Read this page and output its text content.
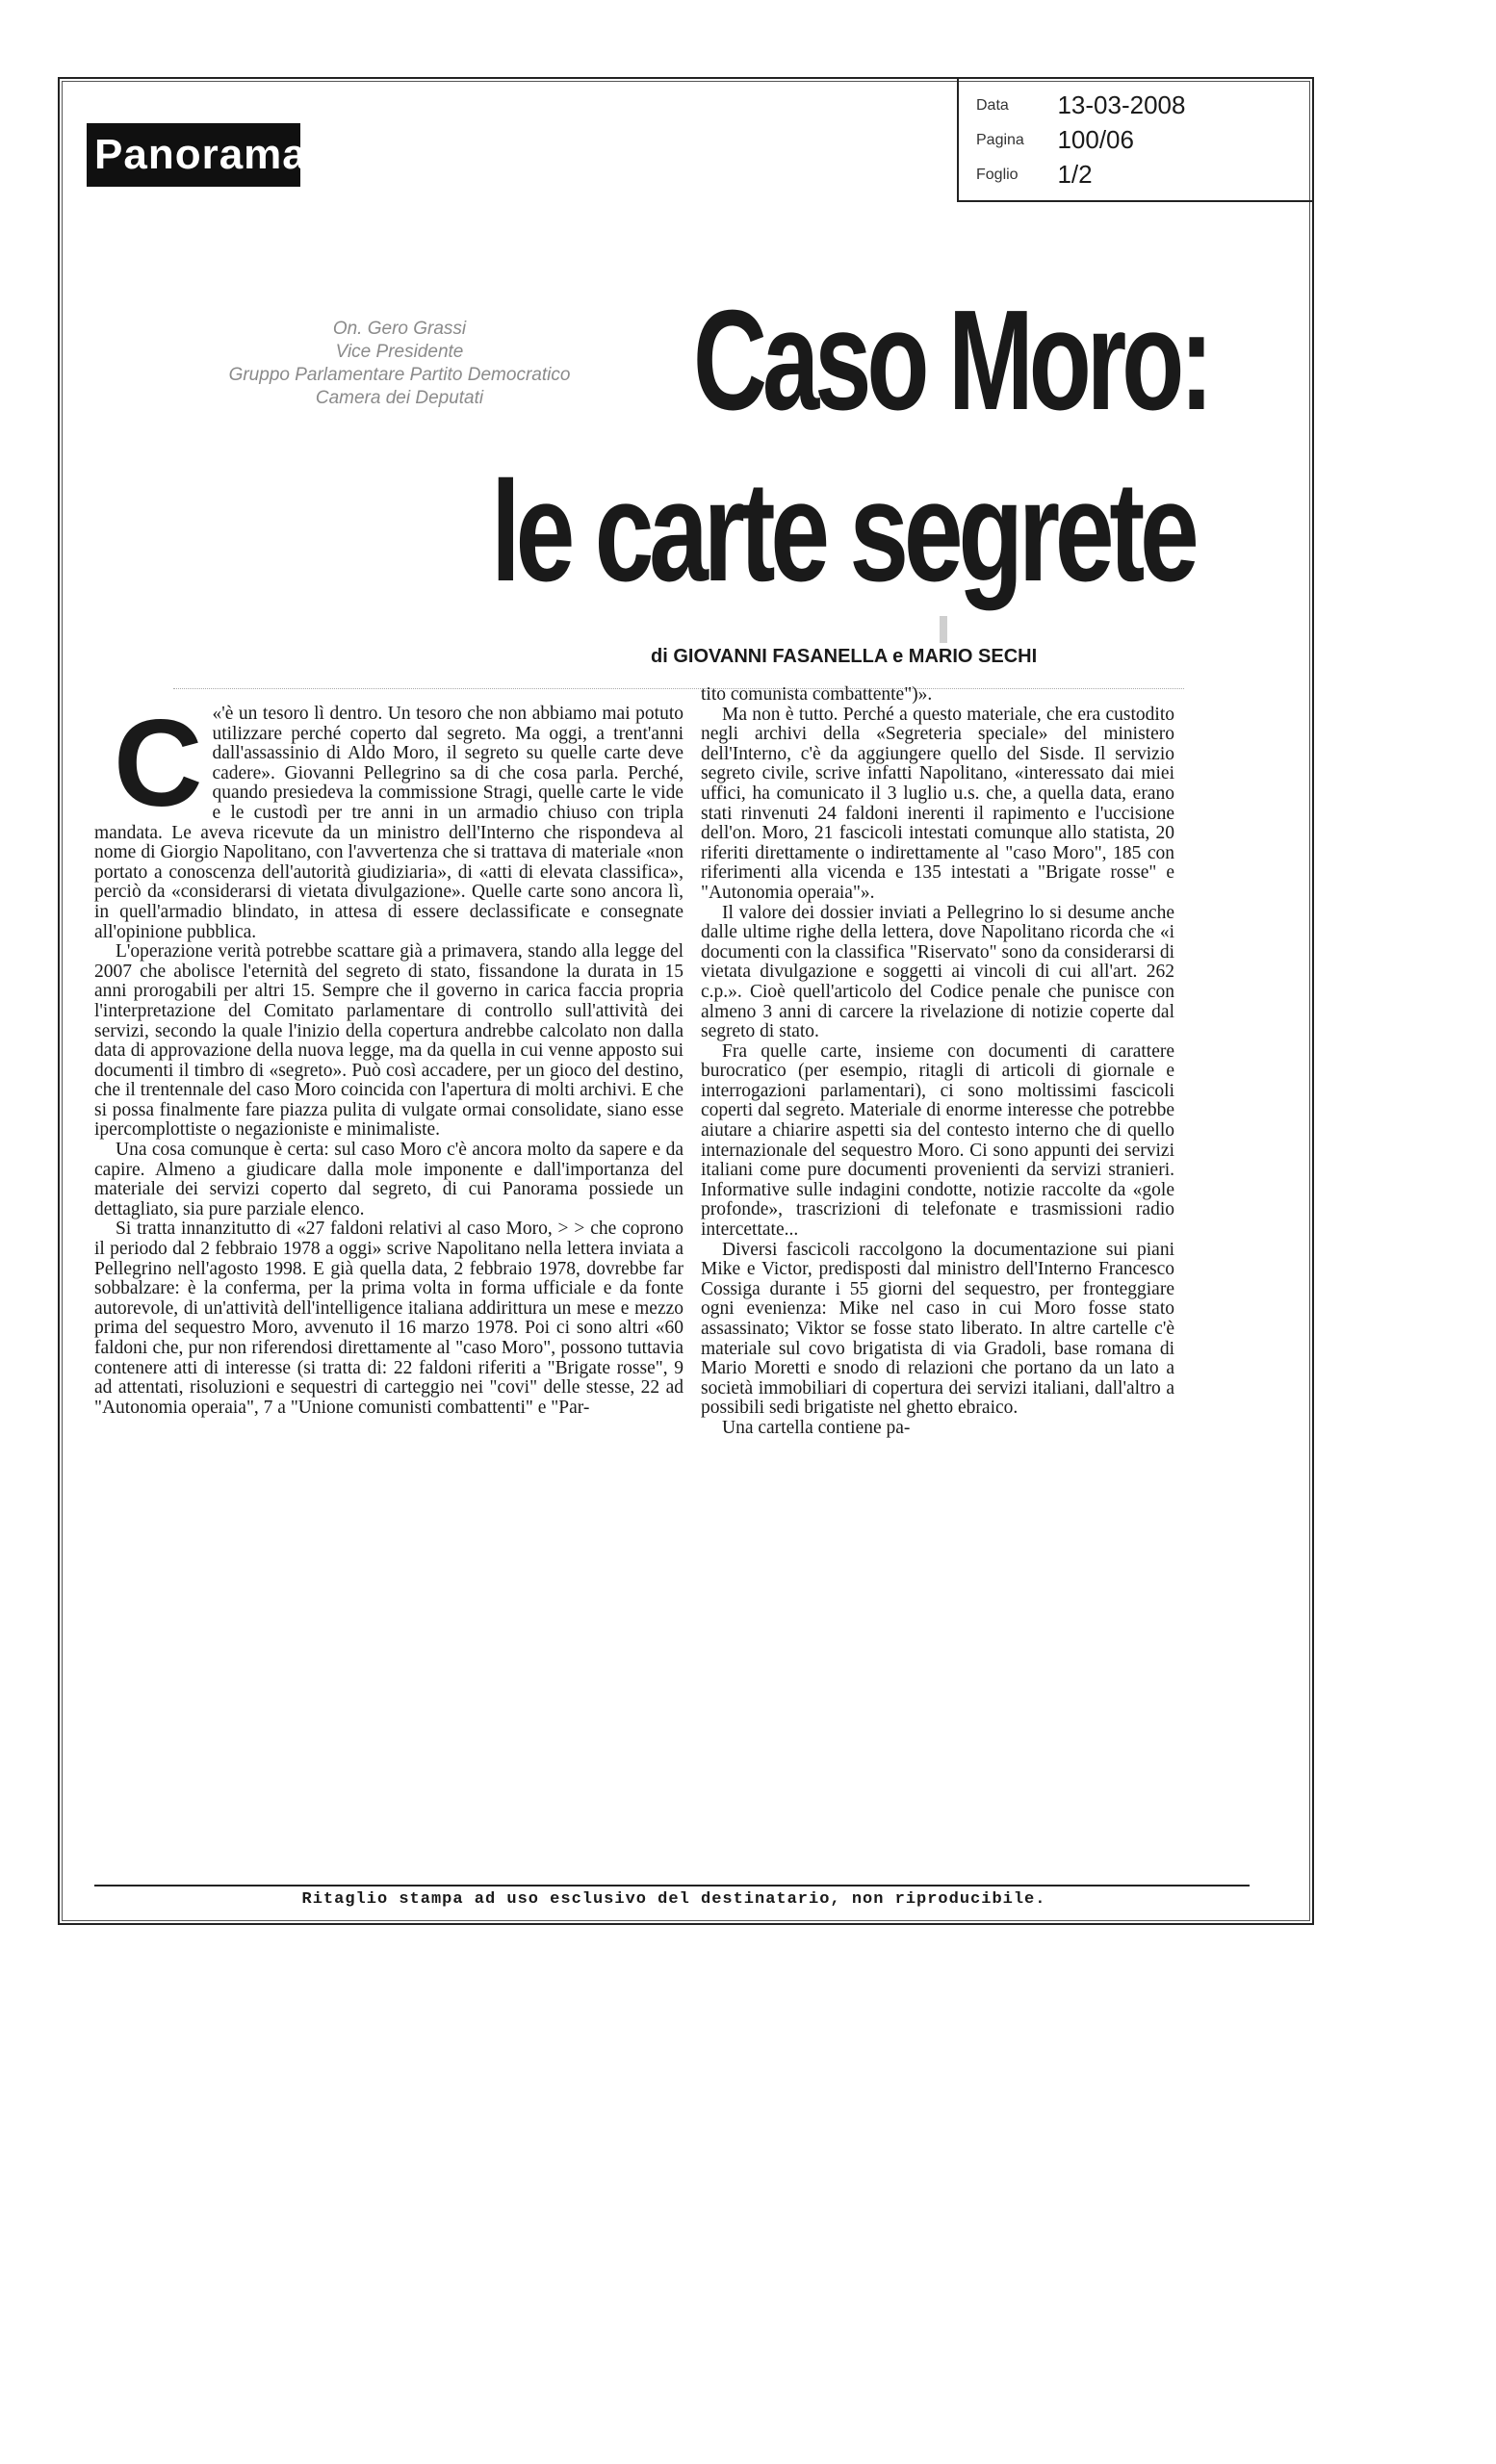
Panorama
Data 13-03-2008
Pagina 100/06
Foglio 1/2
On. Gero Grassi
Vice Presidente
Gruppo Parlamentare Partito Democratico
Camera dei Deputati	Caso Moro:
le carte segrete
di GIOVANNI FASANELLA e MARIO SECHI
C «'è un tesoro lì dentro. Un tesoro che non abbiamo mai potuto utilizzare perché coperto dal segreto. Ma oggi, a trent'anni dall'assassinio di Aldo Moro, il segreto su quelle carte deve cadere». Giovanni Pellegrino sa di che cosa parla. Perché, quando presiedeva la commissione Stragi, quelle carte le vide e le custodì per tre anni in un armadio chiuso con tripla mandata. Le aveva ricevute da un ministro dell'Interno che rispondeva al nome di Giorgio Napolitano, con l'avvertenza che si trattava di materiale «non portato a conoscenza dell'autorità giudiziaria», di «atti di elevata classifica», perciò da «considerarsi di vietata divulgazione». Quelle carte sono ancora lì, in quell'armadio blindato, in attesa di essere declassificate e consegnate all'opinione pubblica.

L'operazione verità potrebbe scattare già a primavera, stando alla legge del 2007 che abolisce l'eternità del segreto di stato, fissandone la durata in 15 anni prorogabili per altri 15. Sempre che il governo in carica faccia propria l'interpretazione del Comitato parlamentare di controllo sull'attività dei servizi, secondo la quale l'inizio della copertura andrebbe calcolato non dalla data di approvazione della nuova legge, ma da quella in cui venne apposto sui documenti il timbro di «segreto». Può così accadere, per un gioco del destino, che il trentennale del caso Moro coincida con l'apertura di molti archivi. E che si possa finalmente fare piazza pulita di vulgate ormai consolidate, siano esse ipercomplottiste o negazioniste e minimaliste.

Una cosa comunque è certa: sul caso Moro c'è ancora molto da sapere e da capire. Almeno a giudicare dalla mole imponente e dall'importanza del materiale dei servizi coperto dal segreto, di cui Panorama possiede un dettagliato, sia pure parziale elenco.

Si tratta innanzitutto di «27 faldoni relativi al caso Moro, > > che coprono il periodo dal 2 febbraio 1978 a oggi» scrive Napolitano nella lettera inviata a Pellegrino nell'agosto 1998. E già quella data, 2 febbraio 1978, dovrebbe far sobbalzare: è la conferma, per la prima volta in forma ufficiale e da fonte autorevole, di un'attività dell'intelligence italiana addirittura un mese e mezzo prima del sequestro Moro, avvenuto il 16 marzo 1978. Poi ci sono altri «60 faldoni che, pur non riferendosi direttamente al "caso Moro", possono tuttavia contenere atti di interesse (si tratta di: 22 faldoni riferiti a "Brigate rosse", 9 ad attentati, risoluzioni e sequestri di carteggio nei "covi" delle stesse, 22 ad "Autonomia operaia", 7 a "Unione comunisti combattenti" e "Par-

tito comunista combattente")».

Ma non è tutto. Perché a questo materiale, che era custodito negli archivi della «Segreteria speciale» del ministero dell'Interno, c'è da aggiungere quello del Sisde. Il servizio segreto civile, scrive infatti Napolitano, «interessato dai miei uffici, ha comunicato il 3 luglio u.s. che, a quella data, erano stati rinvenuti 24 faldoni inerenti il rapimento e l'uccisione dell'on. Moro, 21 fascicoli intestati comunque allo statista, 20 riferiti direttamente o indirettamente al "caso Moro", 185 con riferimenti alla vicenda e 135 intestati a "Brigate rosse" e "Autonomia operaia"».

Il valore dei dossier inviati a Pellegrino lo si desume anche dalle ultime righe della lettera, dove Napolitano ricorda che «i documenti con la classifica "Riservato" sono da considerarsi di vietata divulgazione e soggetti ai vincoli di cui all'art. 262 c.p.». Cioè quell'articolo del Codice penale che punisce con almeno 3 anni di carcere la rivelazione di notizie coperte dal segreto di stato.

Fra quelle carte, insieme con documenti di carattere burocratico (per esempio, ritagli di articoli di giornale e interrogazioni parlamentari), ci sono moltissimi fascicoli coperti dal segreto. Materiale di enorme interesse che potrebbe aiutare a chiarire aspetti sia del contesto interno che di quello internazionale del sequestro Moro. Ci sono appunti dei servizi italiani come pure documenti provenienti da servizi stranieri. Informative sulle indagini condotte, notizie raccolte da «gole profonde», trascrizioni di telefonate e trasmissioni radio intercettate...

Diversi fascicoli raccolgono la documentazione sui piani Mike e Victor, predisposti dal ministro dell'Interno Francesco Cossiga durante i 55 giorni del sequestro, per fronteggiare ogni evenienza: Mike nel caso in cui Moro fosse stato assassinato; Viktor se fosse stato liberato. In altre cartelle c'è materiale sul covo brigatista di via Gradoli, base romana di Mario Moretti e snodo di relazioni che portano da un lato a società immobiliari di copertura dei servizi italiani, dall'altro a possibili sedi brigatiste nel ghetto ebraico.

Una cartella contiene pa-

Ritaglio stampa ad uso esclusivo del destinatario, non riproducibile.
